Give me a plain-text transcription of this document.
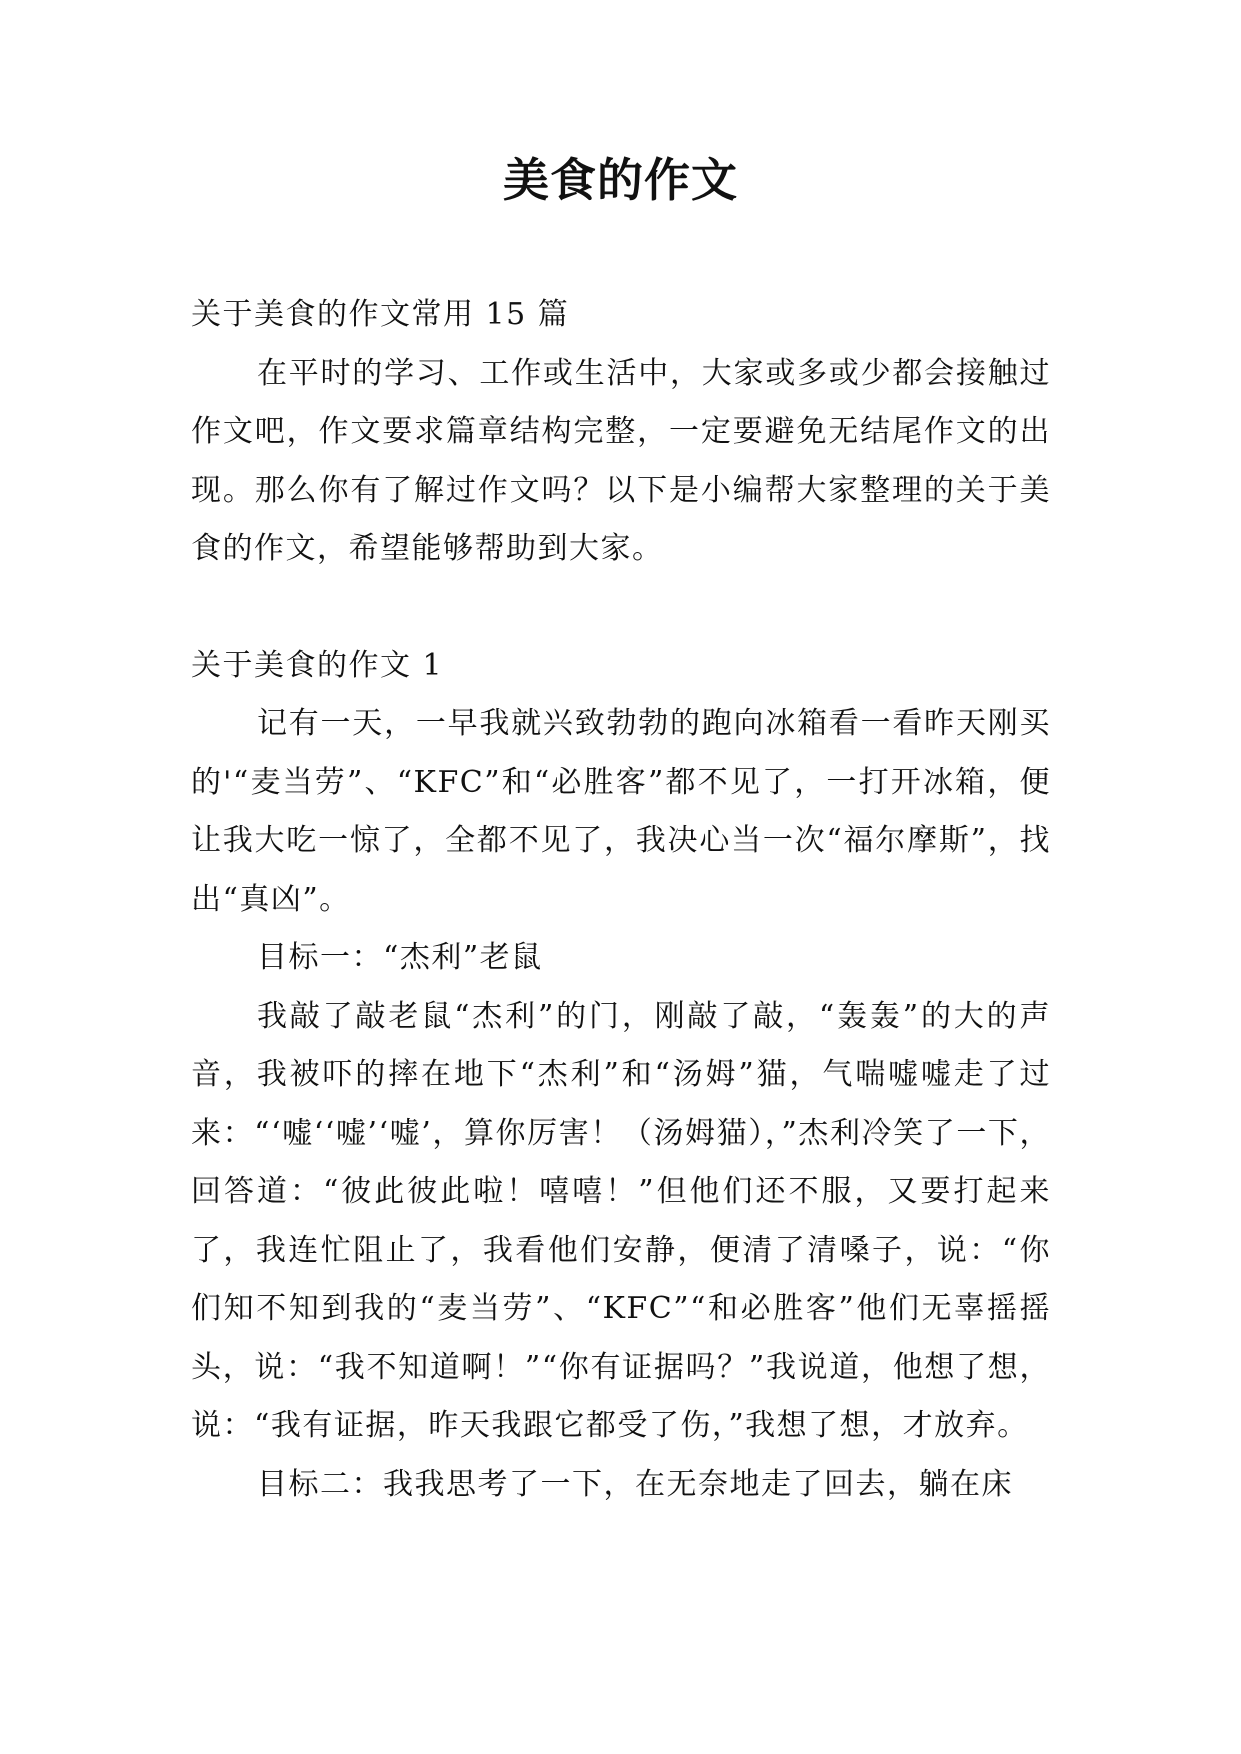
美食的作文

关于美食的作文常用 15 篇

在平时的学习、工作或生活中，大家或多或少都会接触过作文吧，作文要求篇章结构完整，一定要避免无结尾作文的出现。那么你有了解过作文吗？以下是小编帮大家整理的关于美食的作文，希望能够帮助到大家。

关于美食的作文 1

记有一天，一早我就兴致勃勃的跑向冰箱看一看昨天刚买的'“麦当劳”、“KFC”和“必胜客”都不见了，一打开冰箱，便让我大吃一惊了，全都不见了，我决心当一次“福尔摩斯”，找出“真凶”。

目标一：“杰利”老鼠

我敲了敲老鼠“杰利”的门，刚敲了敲，“轰轰”的大的声音，我被吓的摔在地下“杰利”和“汤姆”猫，气喘嘘嘘走了过来：“‘嘘‘‘嘘’‘嘘’，算你厉害！（汤姆猫），”杰利冷笑了一下，回答道：“彼此彼此啦！嘻嘻！”但他们还不服，又要打起来了，我连忙阻止了，我看他们安静，便清了清嗓子，说：“你们知不知到我的“麦当劳”、“KFC”“和必胜客”他们无辜摇摇头，说：“我不知道啊！”“你有证据吗？”我说道，他想了想，说：“我有证据，昨天我跟它都受了伤，”我想了想，才放弃。

目标二：我我思考了一下，在无奈地走了回去，躺在床
